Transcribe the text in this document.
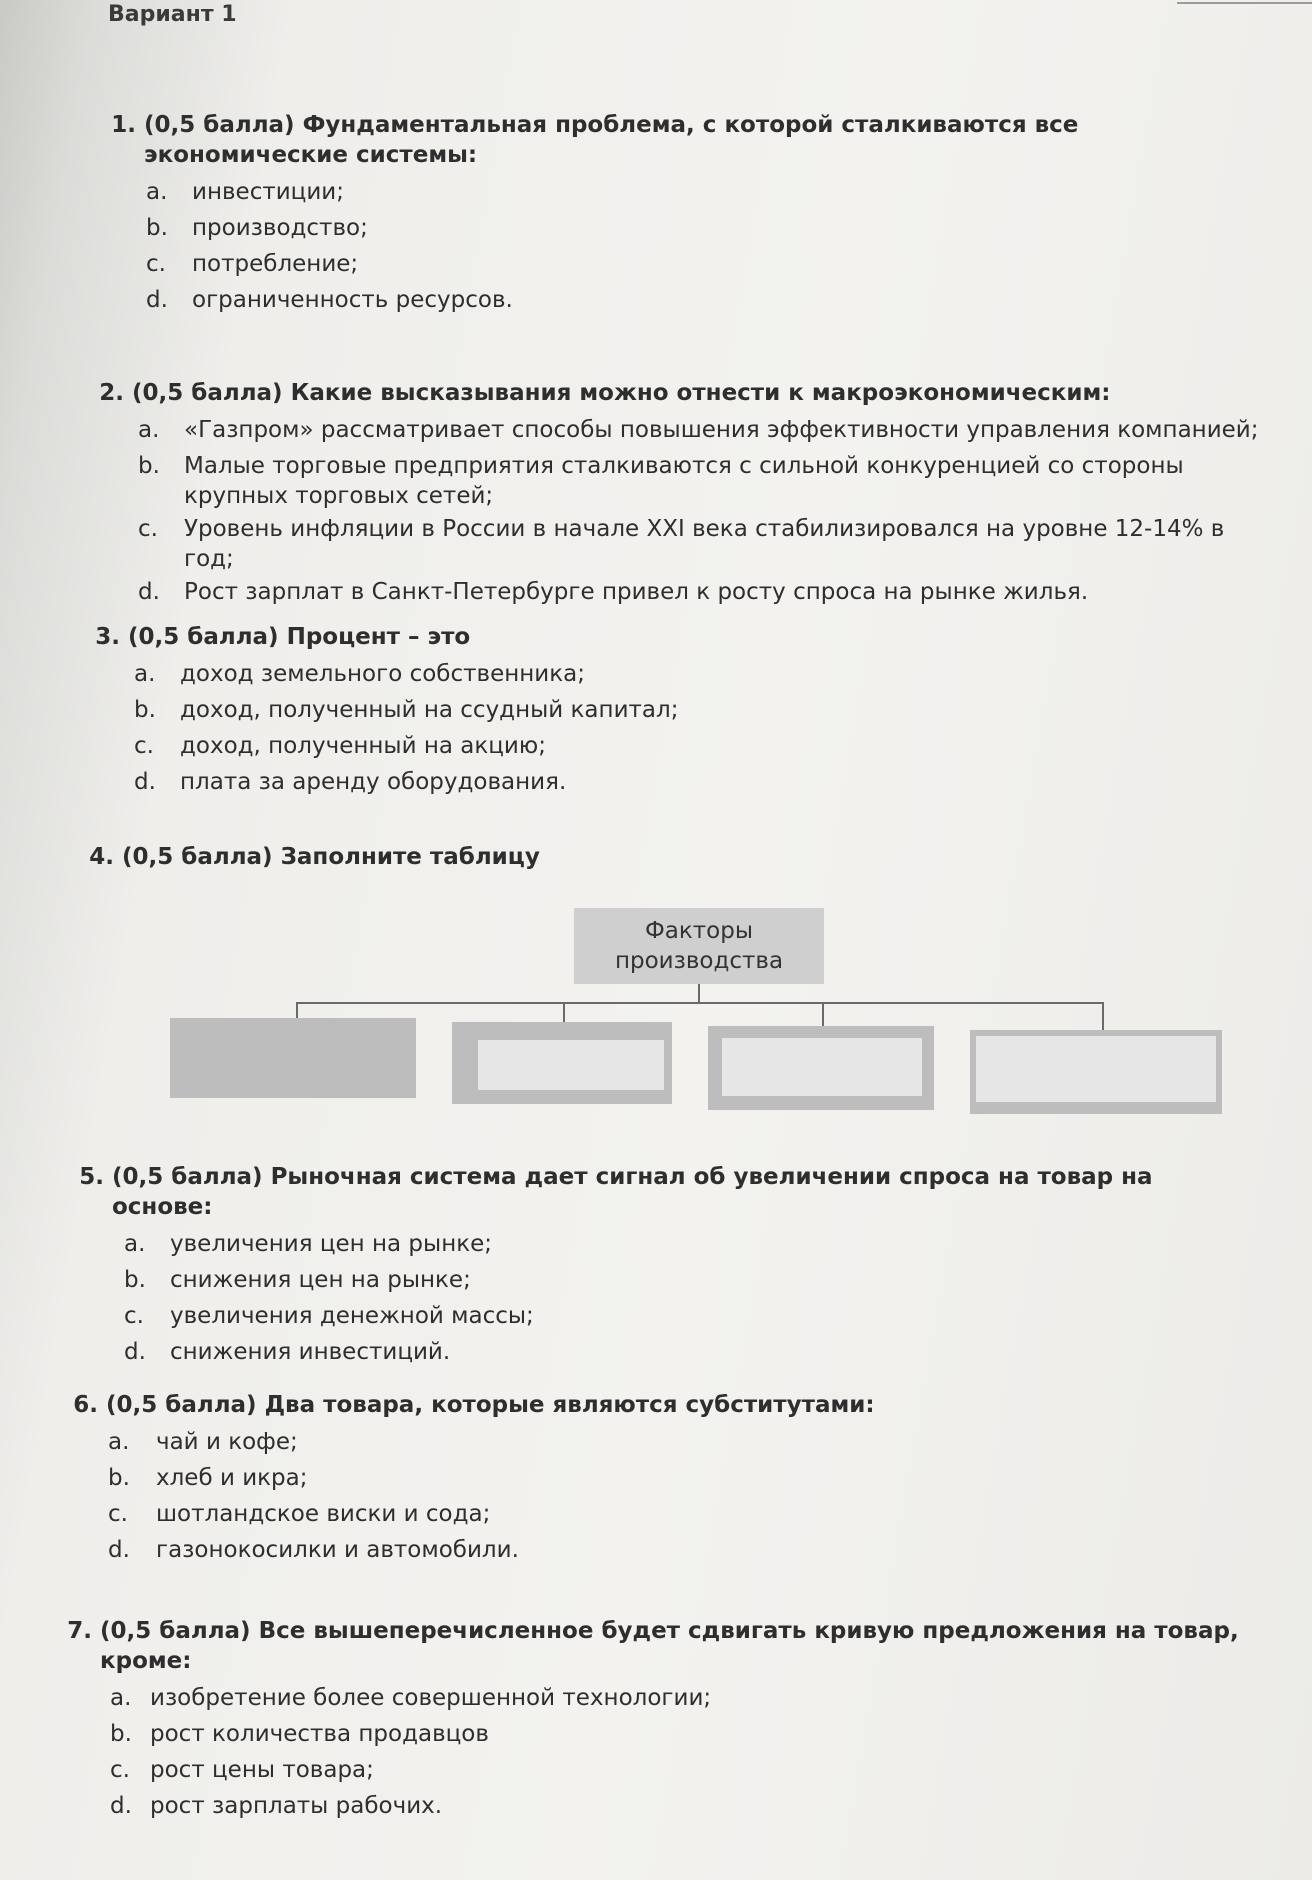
Вариант 1
1. (0,5 балла) Фундаментальная проблема, с которой сталкиваются все экономические системы:
a.	инвестиции;
b.	производство;
c.	потребление;
d.	ограниченность ресурсов.
2. (0,5 балла) Какие высказывания можно отнести к макроэкономическим:
a.	«Газпром» рассматривает способы повышения эффективности управления компанией;
b.	Малые торговые предприятия сталкиваются с сильной конкуренцией со стороны крупных торговых сетей;
c.	Уровень инфляции в России в начале XXI века стабилизировался на уровне 12-14% в год;
d.	Рост зарплат в Санкт-Петербурге привел к росту спроса на рынке жилья.
3. (0,5 балла) Процент – это
a.	доход земельного собственника;
b.	доход, полученный на ссудный капитал;
c.	доход, полученный на акцию;
d.	плата за аренду оборудования.
4. (0,5 балла) Заполните таблицу
Факторы
производства
5. (0,5 балла) Рыночная система дает сигнал об увеличении спроса на товар на основе:
a.	увеличения цен на рынке;
b.	снижения цен на рынке;
c.	увеличения денежной массы;
d.	снижения инвестиций.
6. (0,5 балла) Два товара, которые являются субститутами:
a.	чай и кофе;
b.	хлеб и икра;
c.	шотландское виски и сода;
d.	газонокосилки и автомобили.
7. (0,5 балла) Все вышеперечисленное будет сдвигать кривую предложения на товар, кроме:
a. изобретение более совершенной технологии;
b. рост количества продавцов
c. рост цены товара;
d. рост зарплаты рабочих.
